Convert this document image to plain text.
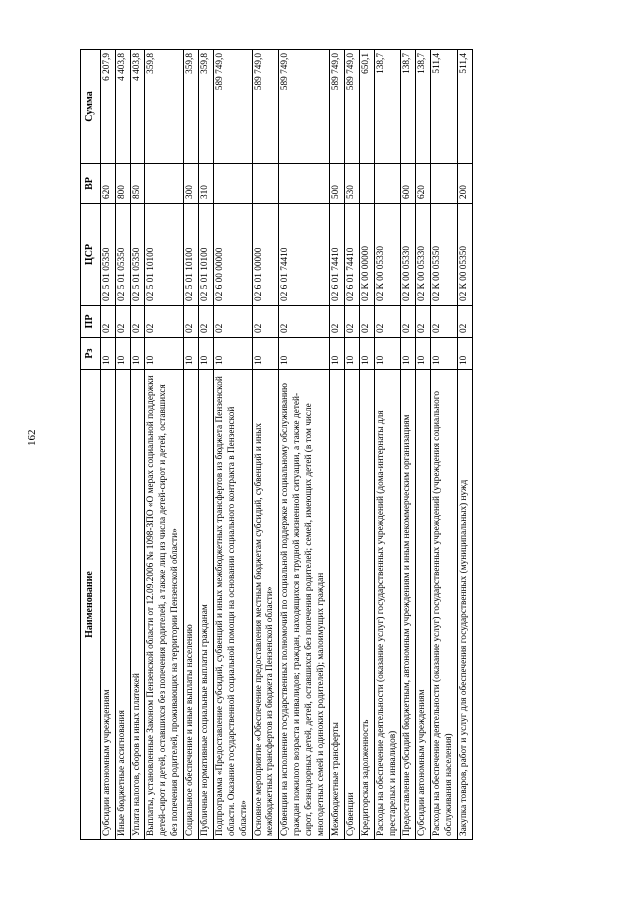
162
Наименование	Рз	ПР	ЦСР	ВР	Сумма
Субсидии автономным учреждениям	10	02	02 5 01 05350	620	6 207,9
Иные бюджетные ассигнования	10	02	02 5 01 05350	800	4 403,8
Уплата налогов, сборов и иных платежей	10	02	02 5 01 05350	850	4 403,8
Выплаты, установленные Законом Пензенской области от 12.09.2006 № 1098-ЗПО «О мерах социальной поддержки детей-сирот и детей, оставшихся без попечения родителей, а также лиц из числа детей-сирот и детей, оставшихся без попечения родителей, проживающих на территории Пензенской области»	10	02	02 5 01 10100		359,8
Социальное обеспечение и иные выплаты населению	10	02	02 5 01 10100	300	359,8
Публичные нормативные социальные выплаты гражданам	10	02	02 5 01 10100	310	359,8
Подпрограмма «Предоставление субсидий, субвенций и иных межбюджетных трансфертов из бюджета Пензенской области. Оказание государственной социальной помощи на основании социального контракта в Пензенской области»	10	02	02 6 00 00000		589 749,0
Основное мероприятие «Обеспечение предоставления местным бюджетам субсидий, субвенций и иных межбюджетных трансфертов из бюджета Пензенской области»	10	02	02 6 01 00000		589 749,0
Субвенции на исполнение государственных полномочий по социальной поддержке и социальному обслуживанию граждан пожилого возраста и инвалидов; граждан, находящихся в трудной жизненной ситуации, а также детей-сирот, безнадзорных детей, детей, оставшихся без попечения родителей; семей, имеющих детей (в том числе многодетных семей и одиноких родителей); малоимущих граждан	10	02	02 6 01 74410		589 749,0
Межбюджетные трансферты	10	02	02 6 01 74410	500	589 749,0
Субвенции	10	02	02 6 01 74410	530	589 749,0
Кредиторская задолженность	10	02	02 К 00 00000		650,1
Расходы на обеспечение деятельности (оказание услуг) государственных учреждений (дома-интернаты для престарелых и инвалидов)	10	02	02 К 00 05330		138,7
Предоставление субсидий бюджетным, автономным учреждениям и иным некоммерческим организациям	10	02	02 К 00 05330	600	138,7
Субсидии автономным учреждениям	10	02	02 К 00 05330	620	138,7
Расходы на обеспечение деятельности (оказание услуг) государственных учреждений (учреждения социального обслуживания населения)	10	02	02 К 00 05350		511,4
Закупка товаров, работ и услуг для обеспечения государственных (муниципальных) нужд	10	02	02 К 00 05350	200	511,4
